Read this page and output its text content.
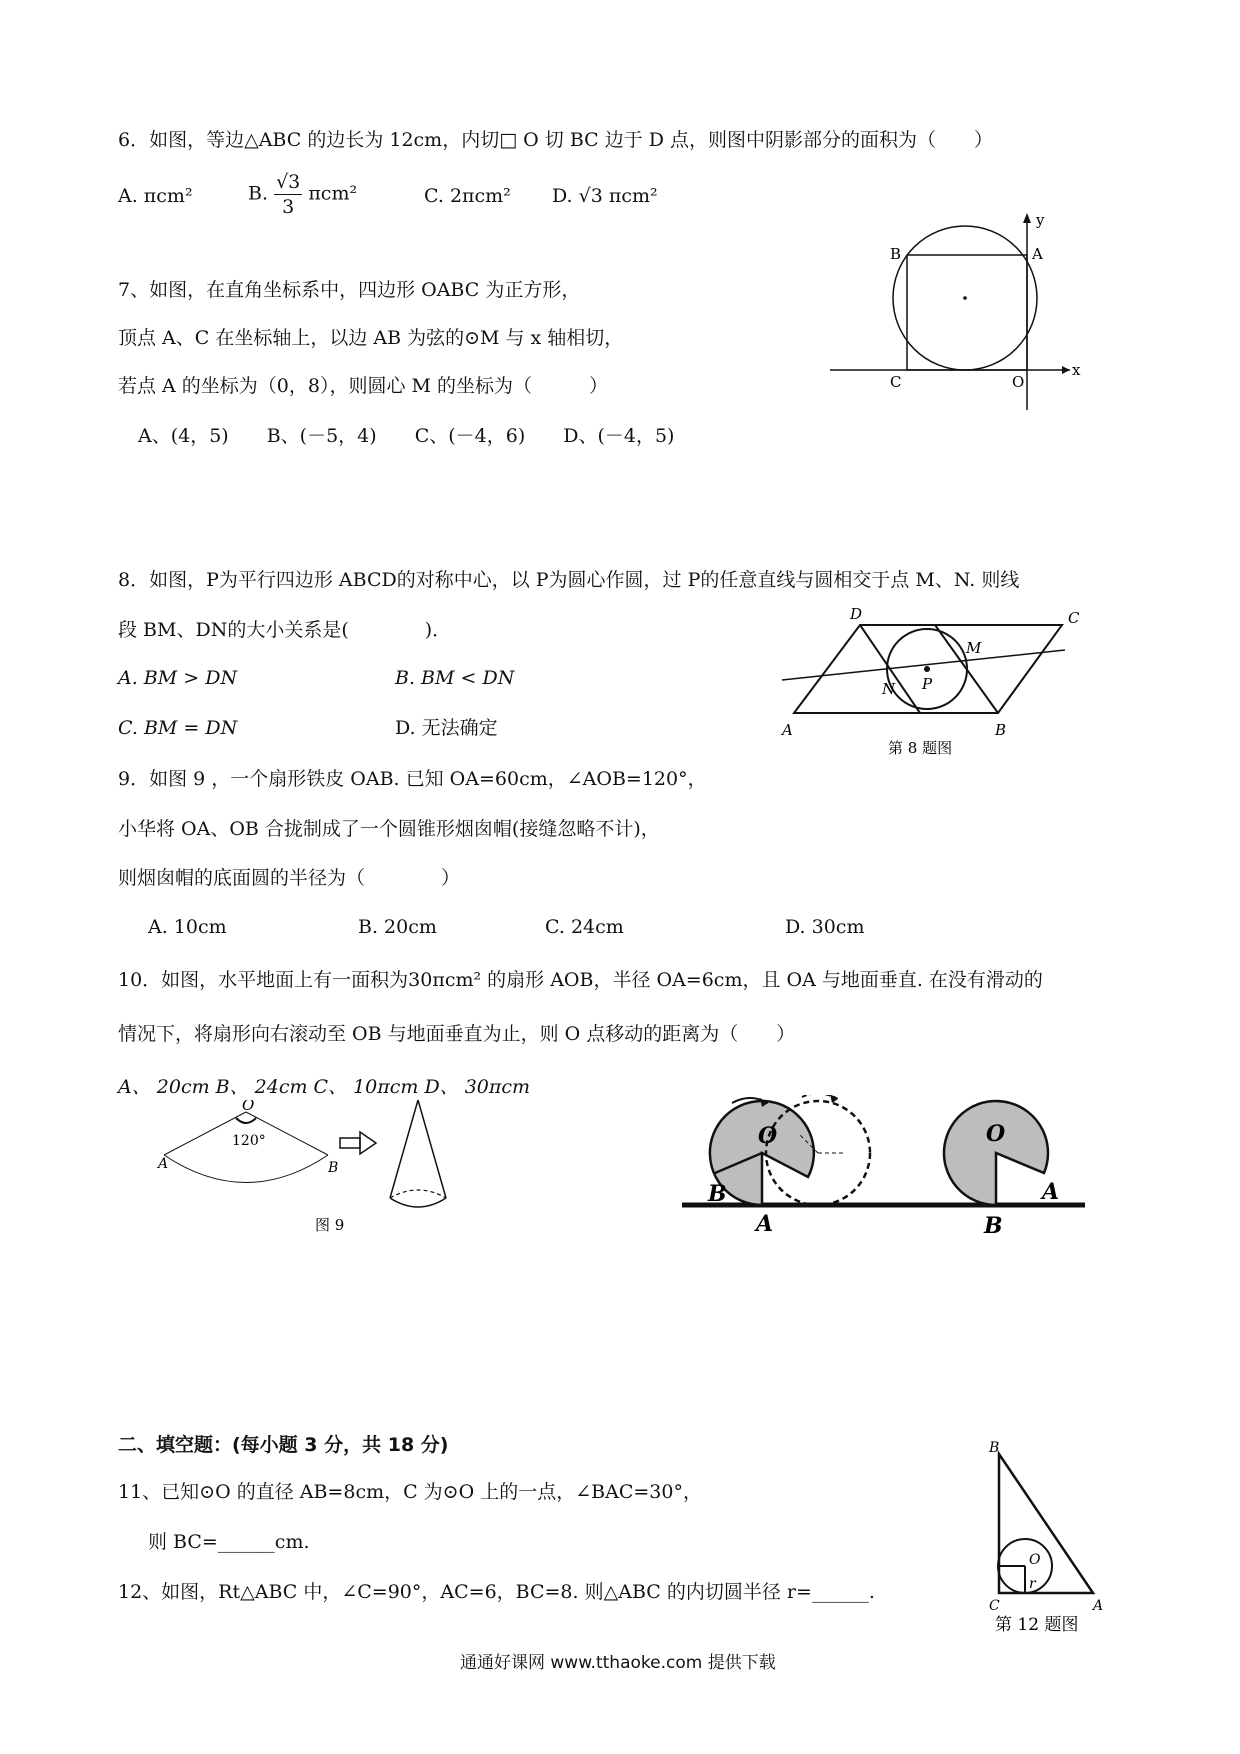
6．如图，等边△ABC 的边长为 12cm，内切□ O 切 BC 边于 D 点，则图中阴影部分的面积为（　　）
A. πcm²	B. $\frac{√3}{3} \pi cm^2$	C. 2πcm² D. √3 πcm²
7、如图，在直角坐标系中，四边形 OABC 为正方形，
顶点 A、C 在坐标轴上，以边 AB 为弦的⊙M 与 x 轴相切，
若点 A 的坐标为（0，8），则圆心 M 的坐标为（　　　）
A、(4，5)　　B、(－5，4)　　C、(－4，6)　　D、(－4，5)
B	A
C	O
x
y
8．如图，P为平行四边形 ABCD的对称中心，以 P为圆心作圆，过 P的任意直线与圆相交于点 M、N. 则线
段 BM、DN的大小关系是(　　　　)．
A. BM > DN	B. BM < DN
C. BM = DN	D. 无法确定
D	C
M
N P
A	B
第 8 题图
9．如图 9 ，一个扇形铁皮 OAB. 已知 OA=60cm，∠AOB=120°，
小华将 OA、OB 合拢制成了一个圆锥形烟囱帽(接缝忽略不计)，
则烟囱帽的底面圆的半径为（　　　　）
A. 10cm	B. 20cm	C. 24cm	D. 30cm
10．如图，水平地面上有一面积为30πcm² 的扇形 AOB，半径 OA=6cm，且 OA 与地面垂直. 在没有滑动的
情况下，将扇形向右滚动至 OB 与地面垂直为止，则 O 点移动的距离为（　　）
A、 20cm B、 24cm C、 10πcm D、 30πcm
O
120°
A	B
图 9
O
B
A
O
A
B
二、填空题：(每小题 3 分，共 18 分)
11、已知⊙O 的直径 AB=8cm，C 为⊙O 上的一点，∠BAC=30°，
则 BC=______cm.
12、如图，Rt△ABC 中，∠C=90°，AC=6，BC=8. 则△ABC 的内切圆半径 r=______.
B
O
r
C	A
第 12 题图
通通好课网 www.tthaoke.com 提供下载
